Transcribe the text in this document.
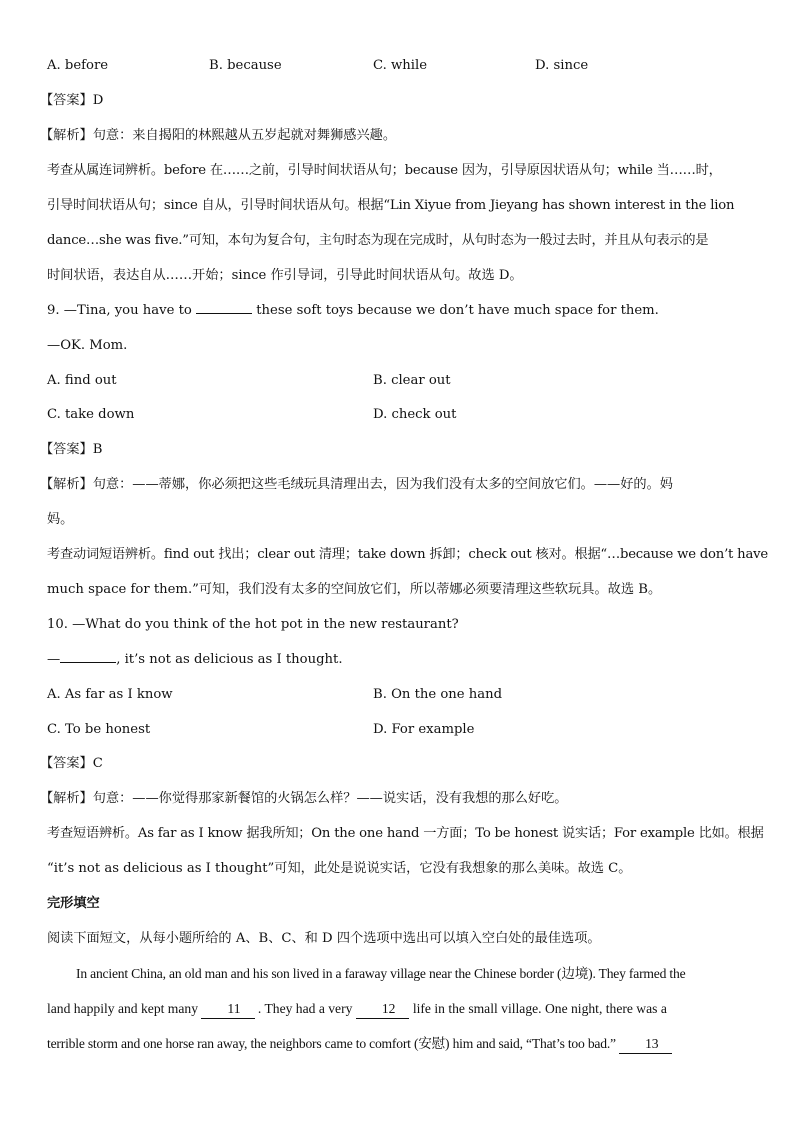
A. before	B. because	C. while	D. since
【答案】D
【解析】句意：来自揭阳的林熙越从五岁起就对舞狮感兴趣。
考查从属连词辨析。before 在……之前，引导时间状语从句；because 因为，引导原因状语从句；while 当……时，
引导时间状语从句；since 自从，引导时间状语从句。根据“Lin Xiyue from Jieyang has shown interest in the lion
dance…she was five.”可知，本句为复合句，主句时态为现在完成时，从句时态为一般过去时，并且从句表示的是
时间状语，表达自从……开始；since 作引导词，引导此时间状语从句。故选 D。
9. —Tina, you have to	these soft toys because we don’t have much space for them.
—OK. Mom.
A. find out	B. clear out
C. take down	D. check out
【答案】B
【解析】句意：——蒂娜，你必须把这些毛绒玩具清理出去，因为我们没有太多的空间放它们。——好的。妈
妈。
考查动词短语辨析。find out 找出；clear out 清理；take down 拆卸；check out 核对。根据“…because we don’t have
much space for them.”可知，我们没有太多的空间放它们，所以蒂娜必须要清理这些软玩具。故选 B。
10. —What do you think of the hot pot in the new restaurant?
—	, it’s not as delicious as I thought.
A. As far as I know	B. On the one hand
C. To be honest	D. For example
【答案】C
【解析】句意：——你觉得那家新餐馆的火锅怎么样？——说实话，没有我想的那么好吃。
考查短语辨析。As far as I know 据我所知；On the one hand 一方面；To be honest 说实话；For example 比如。根据
“it’s not as delicious as I thought”可知，此处是说说实话，它没有我想象的那么美味。故选 C。
完形填空
阅读下面短文，从每小题所给的 A、B、C、和 D 四个选项中选出可以填入空白处的最佳选项。
In ancient China, an old man and his son lived in a faraway village near the Chinese border (边境). They farmed the
land happily and kept many 11 . They had a very 12 life in the small village. One night, there was a
terrible storm and one horse ran away, the neighbors came to comfort (安慰) him and said, “That’s too bad.” 13
